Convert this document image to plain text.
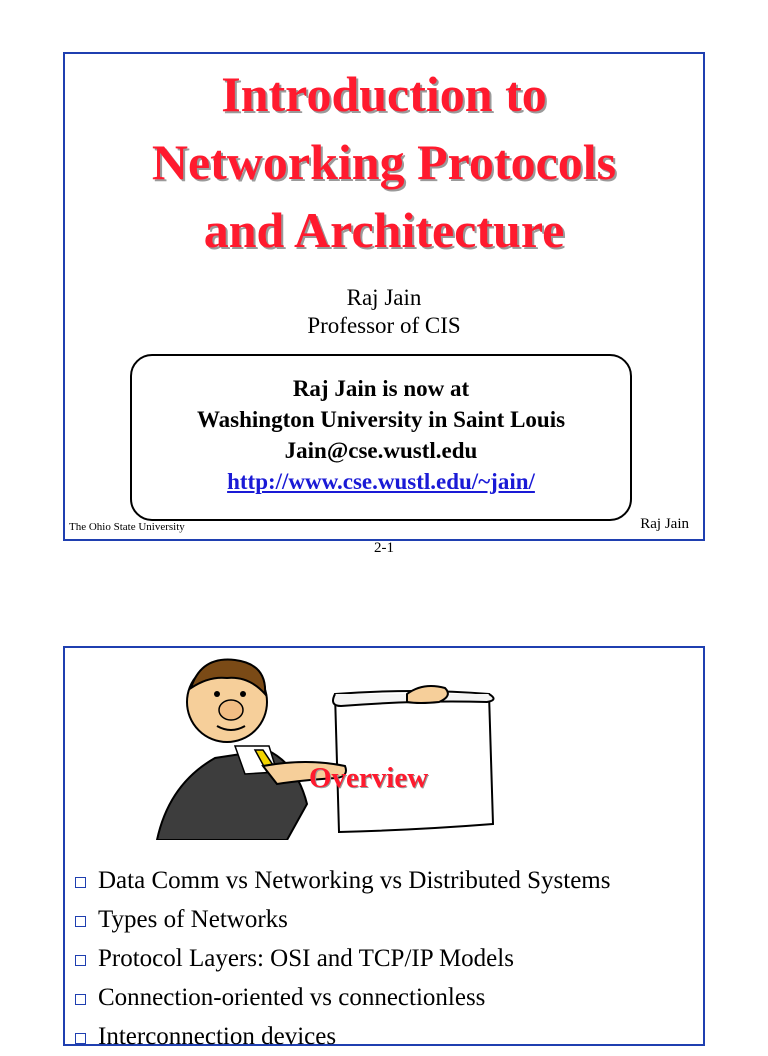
Introduction to
Networking Protocols
and Architecture
Raj Jain
Professor of CIS
Raj Jain is now at
Washington University in Saint Louis
Jain@cse.wustl.edu
http://www.cse.wustl.edu/~jain/
The Ohio State University	Raj Jain
2-1
Overview
Data Comm vs Networking vs Distributed Systems
Types of Networks
Protocol Layers: OSI and TCP/IP Models
Connection-oriented vs connectionless
Interconnection devices
